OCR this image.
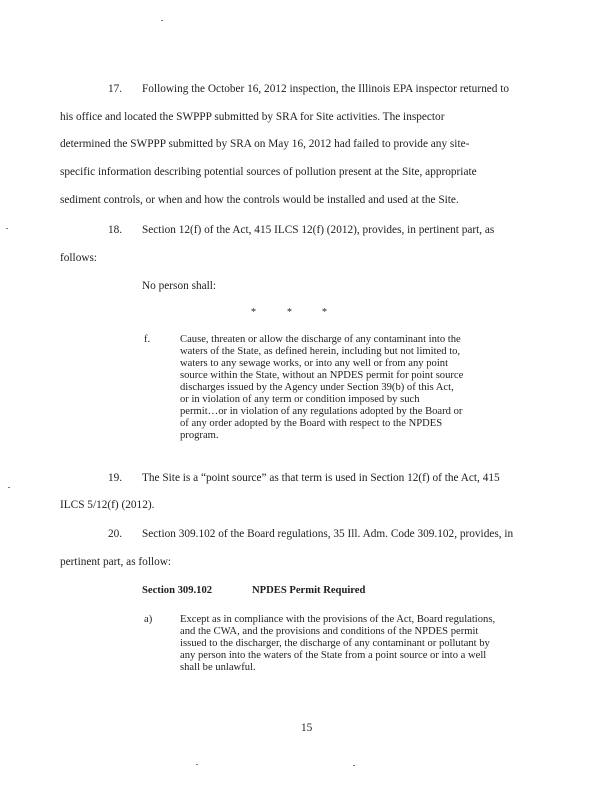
17. Following the October 16, 2012 inspection, the Illinois EPA inspector returned to
his office and located the SWPPP submitted by SRA for Site activities. The inspector
determined the SWPPP submitted by SRA on May 16, 2012 had failed to provide any site-
specific information describing potential sources of pollution present at the Site, appropriate
sediment controls, or when and how the controls would be installed and used at the Site.
18. Section 12(f) of the Act, 415 ILCS 12(f) (2012), provides, in pertinent part, as
follows:
No person shall:
*	*	*
f.	Cause, threaten or allow the discharge of any contaminant into the
waters of the State, as defined herein, including but not limited to,
waters to any sewage works, or into any well or from any point
source within the State, without an NPDES permit for point source
discharges issued by the Agency under Section 39(b) of this Act,
or in violation of any term or condition imposed by such
permit…or in violation of any regulations adopted by the Board or
of any order adopted by the Board with respect to the NPDES
program.
19. The Site is a “point source” as that term is used in Section 12(f) of the Act, 415
ILCS 5/12(f) (2012).
20. Section 309.102 of the Board regulations, 35 Ill. Adm. Code 309.102, provides, in
pertinent part, as follow:
Section 309.102	NPDES Permit Required
a)	Except as in compliance with the provisions of the Act, Board regulations,
and the CWA, and the provisions and conditions of the NPDES permit
issued to the discharger, the discharge of any contaminant or pollutant by
any person into the waters of the State from a point source or into a well
shall be unlawful.
15
